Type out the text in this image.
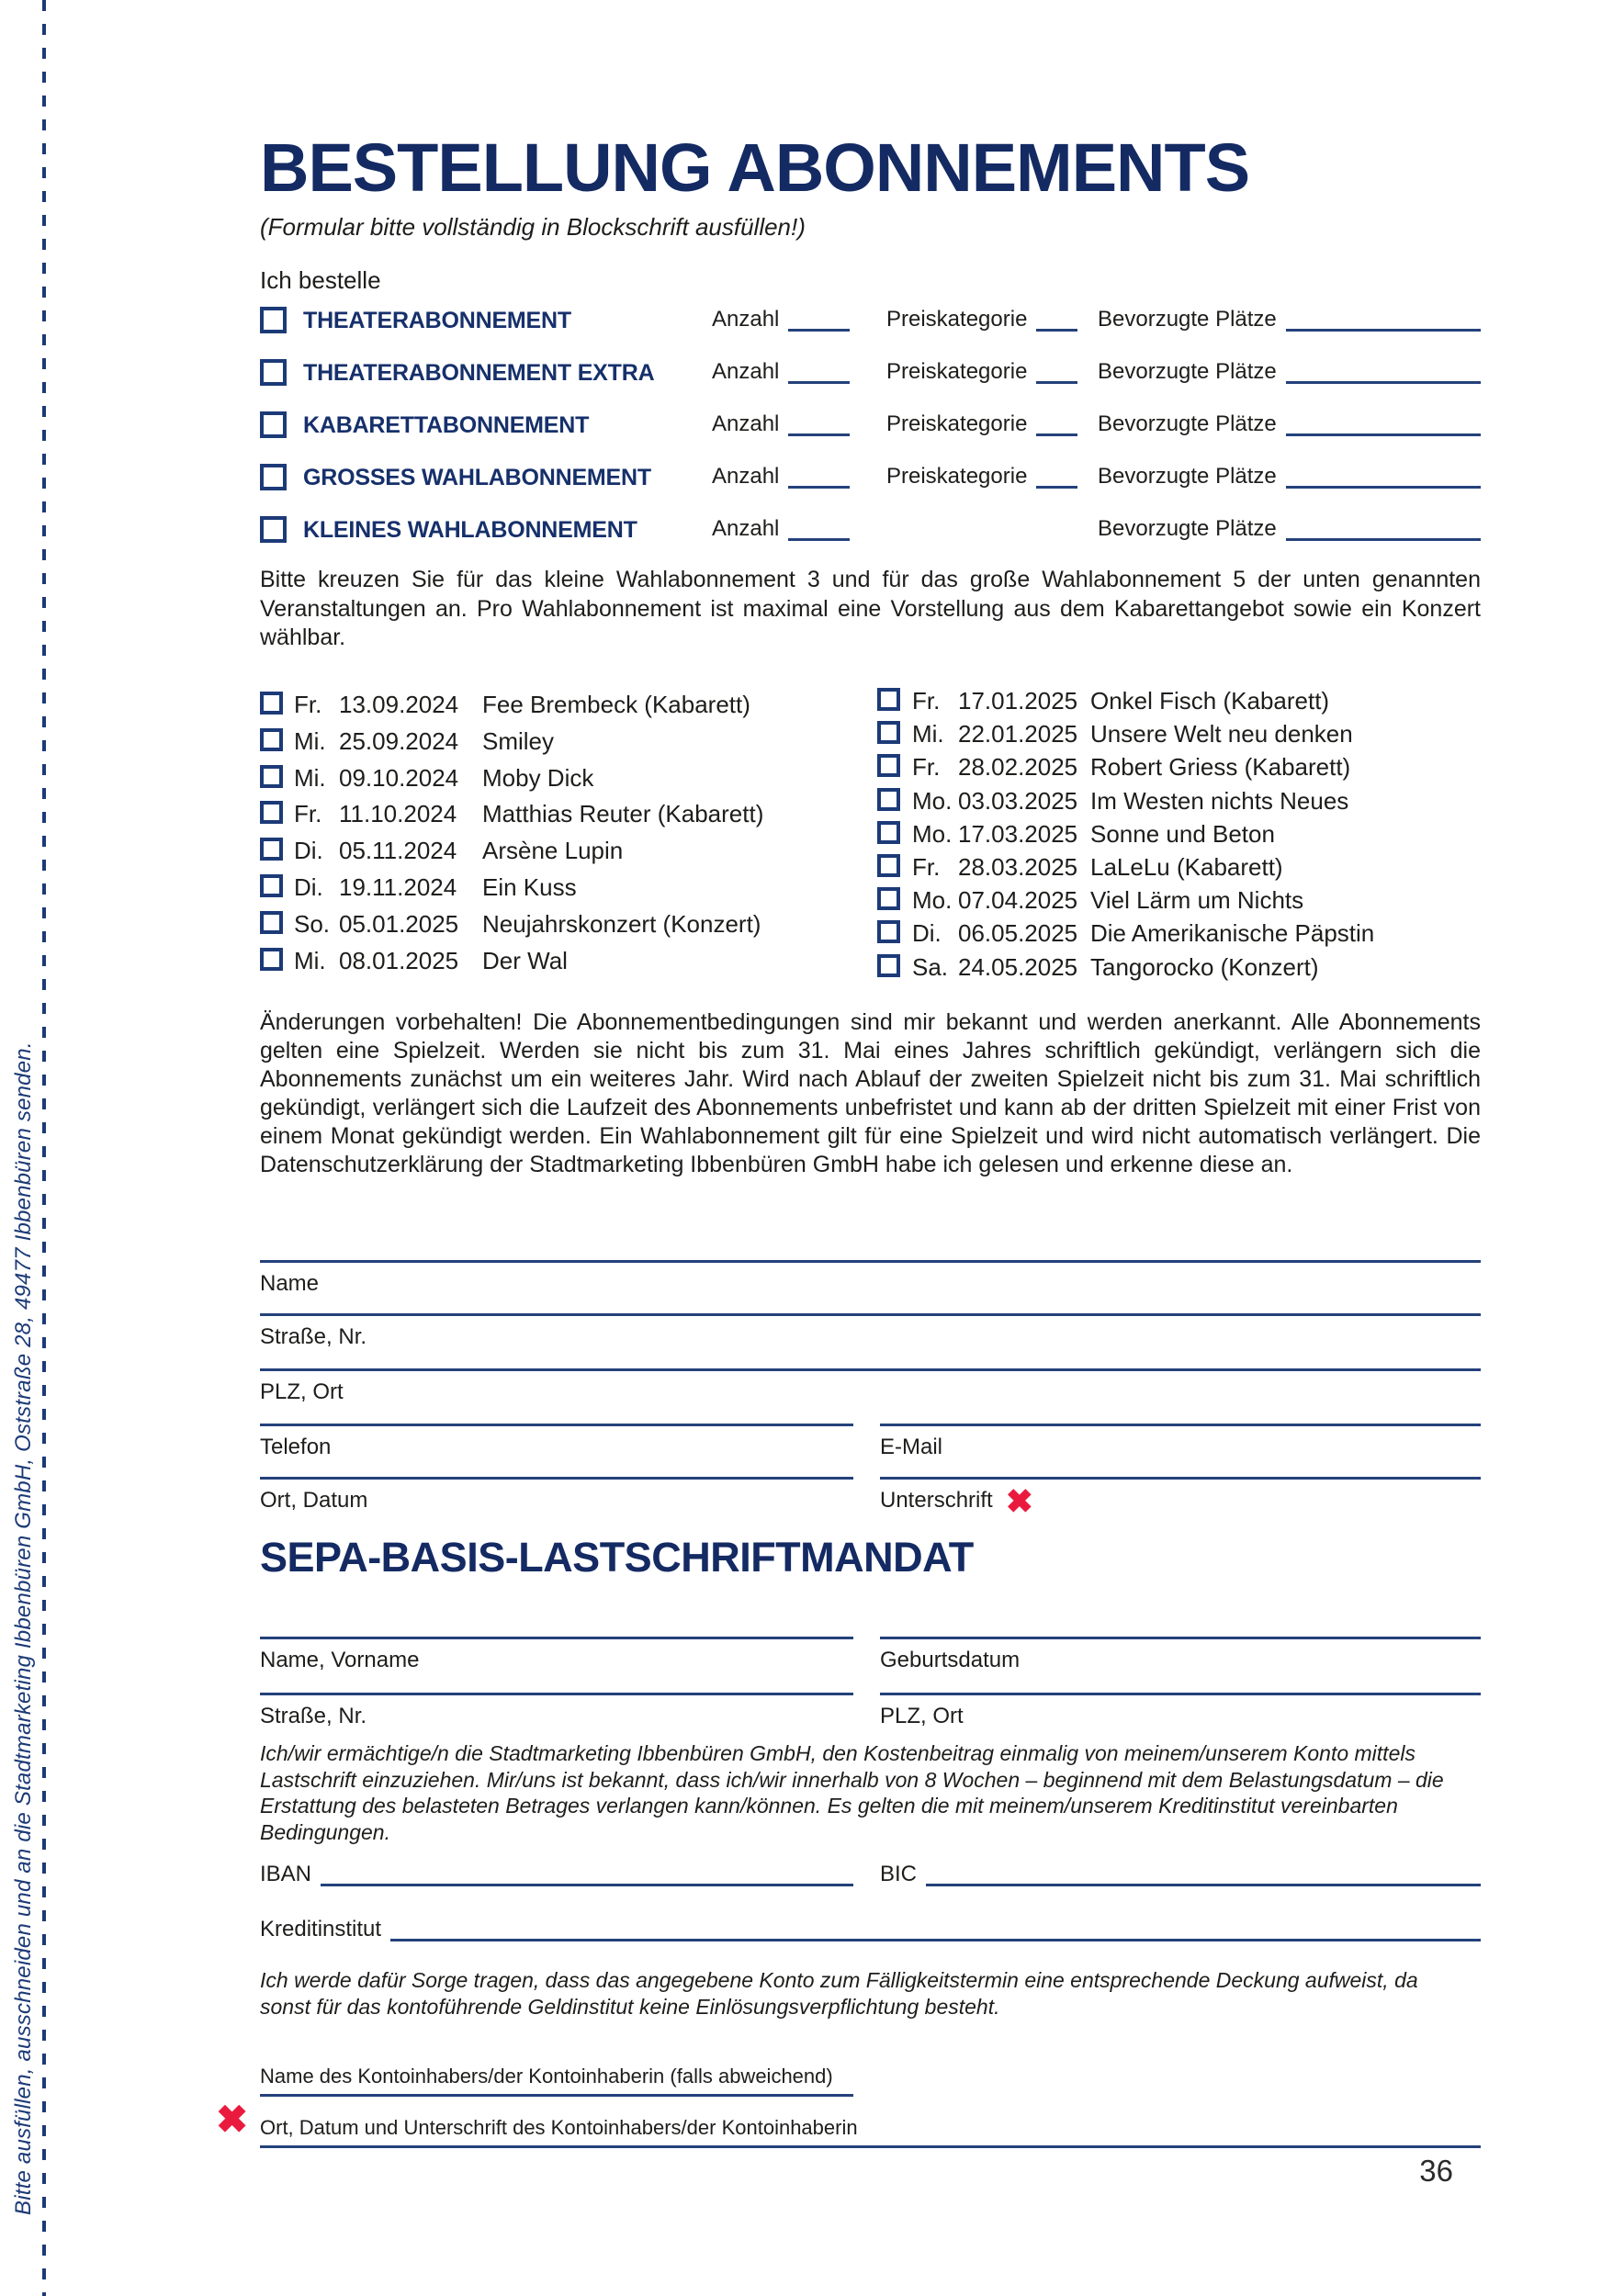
Bitte ausfüllen, ausschneiden und an die Stadtmarketing Ibbenbüren GmbH, Oststraße 28, 49477 Ibbenbüren senden.
BESTELLUNG ABONNEMENTS
(Formular bitte vollständig in Blockschrift ausfüllen!)
Ich bestelle
THEATERABONNEMENT	Anzahl	Preiskategorie	Bevorzugte Plätze
THEATERABONNEMENT EXTRA	Anzahl	Preiskategorie	Bevorzugte Plätze
KABARETTABONNEMENT	Anzahl	Preiskategorie	Bevorzugte Plätze
GROSSES WAHLABONNEMENT	Anzahl	Preiskategorie	Bevorzugte Plätze
KLEINES WAHLABONNEMENT	Anzahl	Bevorzugte Plätze

Bitte kreuzen Sie für das kleine Wahlabonnement 3 und für das große Wahlabonnement 5 der unten genannten Veranstaltungen an. Pro Wahlabonnement ist maximal eine Vorstellung aus dem Kabarettangebot sowie ein Konzert wählbar.

Fr. 13.09.2024 Fee Brembeck (Kabarett)
Mi. 25.09.2024 Smiley
Mi. 09.10.2024 Moby Dick
Fr. 11.10.2024 Matthias Reuter (Kabarett)
Di. 05.11.2024 Arsène Lupin
Di. 19.11.2024 Ein Kuss
So. 05.01.2025 Neujahrskonzert (Konzert)
Mi. 08.01.2025 Der Wal
Fr. 17.01.2025 Onkel Fisch (Kabarett)
Mi. 22.01.2025 Unsere Welt neu denken
Fr. 28.02.2025 Robert Griess (Kabarett)
Mo. 03.03.2025 Im Westen nichts Neues
Mo. 17.03.2025 Sonne und Beton
Fr. 28.03.2025 LaLeLu (Kabarett)
Mo. 07.04.2025 Viel Lärm um Nichts
Di. 06.05.2025 Die Amerikanische Päpstin
Sa. 24.05.2025 Tangorocko (Konzert)

Änderungen vorbehalten! Die Abonnementbedingungen sind mir bekannt und werden anerkannt. Alle Abonnements gelten eine Spielzeit. Werden sie nicht bis zum 31. Mai eines Jahres schriftlich gekündigt, verlängern sich die Abonnements zunächst um ein weiteres Jahr. Wird nach Ablauf der zweiten Spielzeit nicht bis zum 31. Mai schriftlich gekündigt, verlängert sich die Laufzeit des Abonnements unbefristet und kann ab der dritten Spielzeit mit einer Frist von einem Monat gekündigt werden. Ein Wahlabonnement gilt für eine Spielzeit und wird nicht automatisch verlängert. Die Datenschutzerklärung der Stadtmarketing Ibbenbüren GmbH habe ich gelesen und erkenne diese an.

Name
Straße, Nr.
PLZ, Ort
Telefon	E-Mail
Ort, Datum	Unterschrift ✖
SEPA-BASIS-LASTSCHRIFTMANDAT
Name, Vorname	Geburtsdatum
Straße, Nr.	PLZ, Ort

Ich/wir ermächtige/n die Stadtmarketing Ibbenbüren GmbH, den Kostenbeitrag einmalig von meinem/unserem Konto mittels Lastschrift einzuziehen. Mir/uns ist bekannt, dass ich/wir innerhalb von 8 Wochen – beginnend mit dem Belastungsdatum – die Erstattung des belasteten Betrages verlangen kann/können. Es gelten die mit meinem/unserem Kreditinstitut vereinbarten Bedingungen.

IBAN	BIC
Kreditinstitut

Ich werde dafür Sorge tragen, dass das angegebene Konto zum Fälligkeitstermin eine entsprechende Deckung aufweist, da sonst für das kontoführende Geldinstitut keine Einlösungsverpflichtung besteht.

Name des Kontoinhabers/der Kontoinhaberin (falls abweichend)
✖ Ort, Datum und Unterschrift des Kontoinhabers/der Kontoinhaberin
36
